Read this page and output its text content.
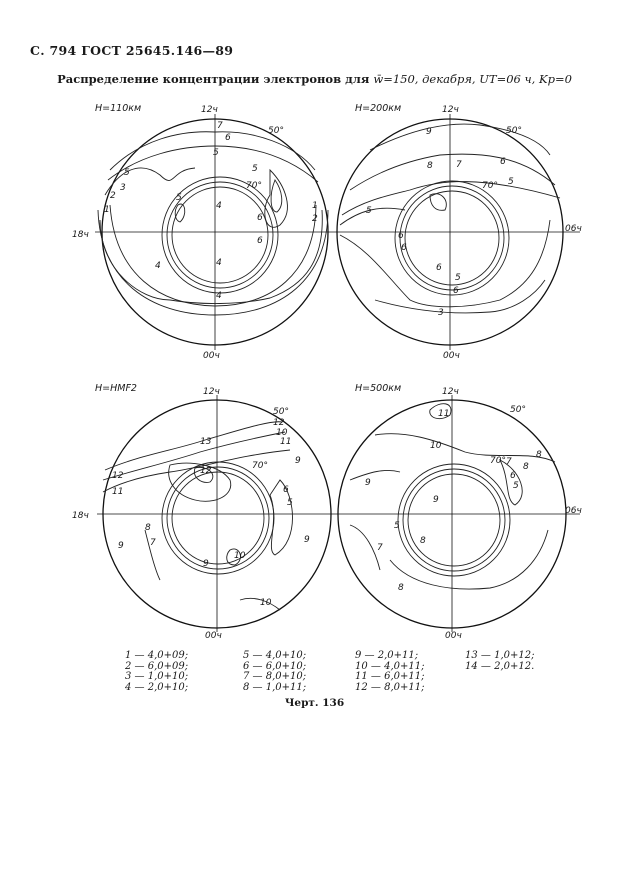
С. 794 ГОСТ 25645.146—89
Распределение концентрации электронов для w̄=150, декабря, UT=06 ч, Kp=0
H=110км	12ч
00ч
18ч
2
1
7
6
5
5
5
5
4
4
4
3
1
2
6
4
6
50°
70°
H=200км	12ч
00ч
06ч
9
8	7	6
5
5
6
6
6
6
5
3
50°
70°
H=HMF2	12ч
00ч
18ч
12
11
10
13
12
12
11
9
8
7
6
5
9
9
9
10
10
50°
70°
H=500км	12ч
00ч
06ч
11
10
9
8
8
7
6
5
5
9
7
8
8
50°
70°
1 — 4,0+09;
2 — 6,0+09;
3 — 1,0+10;
4 — 2,0+10;
5 — 4,0+10;
6 — 6,0+10;
7 — 8,0+10;
8 — 1,0+11;
9 — 2,0+11;
10 — 4,0+11;
11 — 6,0+11;
12 — 8,0+11;
13 — 1,0+12;
14 — 2,0+12.
Черт. 136
